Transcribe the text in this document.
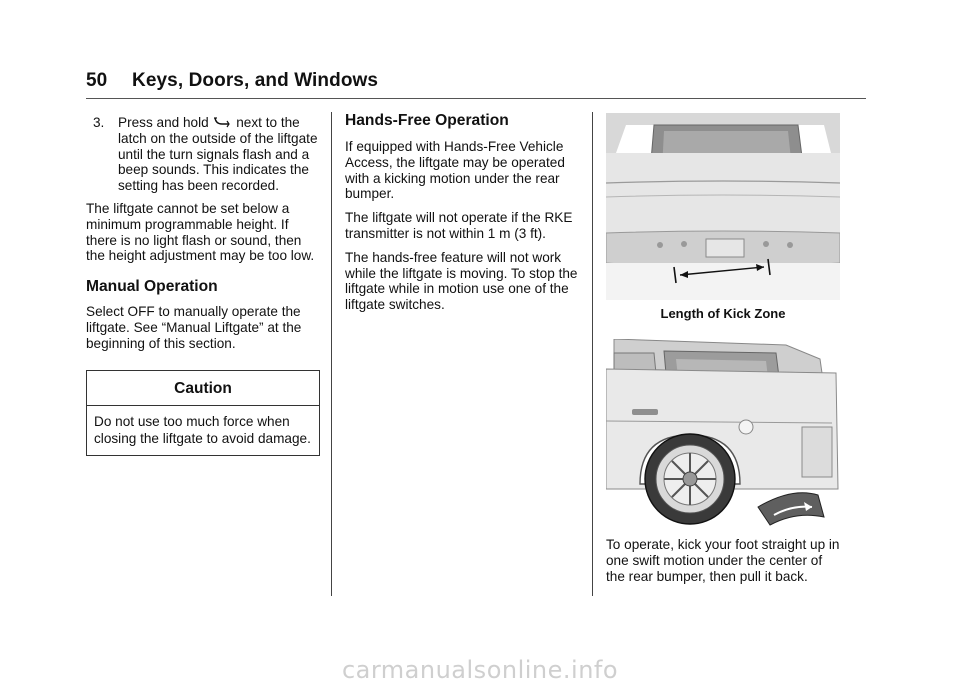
50 Keys, Doors, and Windows
3. Press and hold next to the latch on the outside of the liftgate until the turn signals flash and a beep sounds. This indicates the setting has been recorded.

The liftgate cannot be set below a minimum programmable height. If there is no light flash or sound, then the height adjustment may be too low.

Manual Operation

Select OFF to manually operate the liftgate. See “Manual Liftgate” at the beginning of this section.

Caution
Do not use too much force when closing the liftgate to avoid damage.
Hands-Free Operation

If equipped with Hands-Free Vehicle Access, the liftgate may be operated with a kicking motion under the rear bumper.

The liftgate will not operate if the RKE transmitter is not within 1 m (3 ft).

The hands-free feature will not work while the liftgate is moving. To stop the liftgate while in motion use one of the liftgate switches.

Length of Kick Zone

To operate, kick your foot straight up in one swift motion under the center of the rear bumper, then pull it back.

carmanualsonline.info
